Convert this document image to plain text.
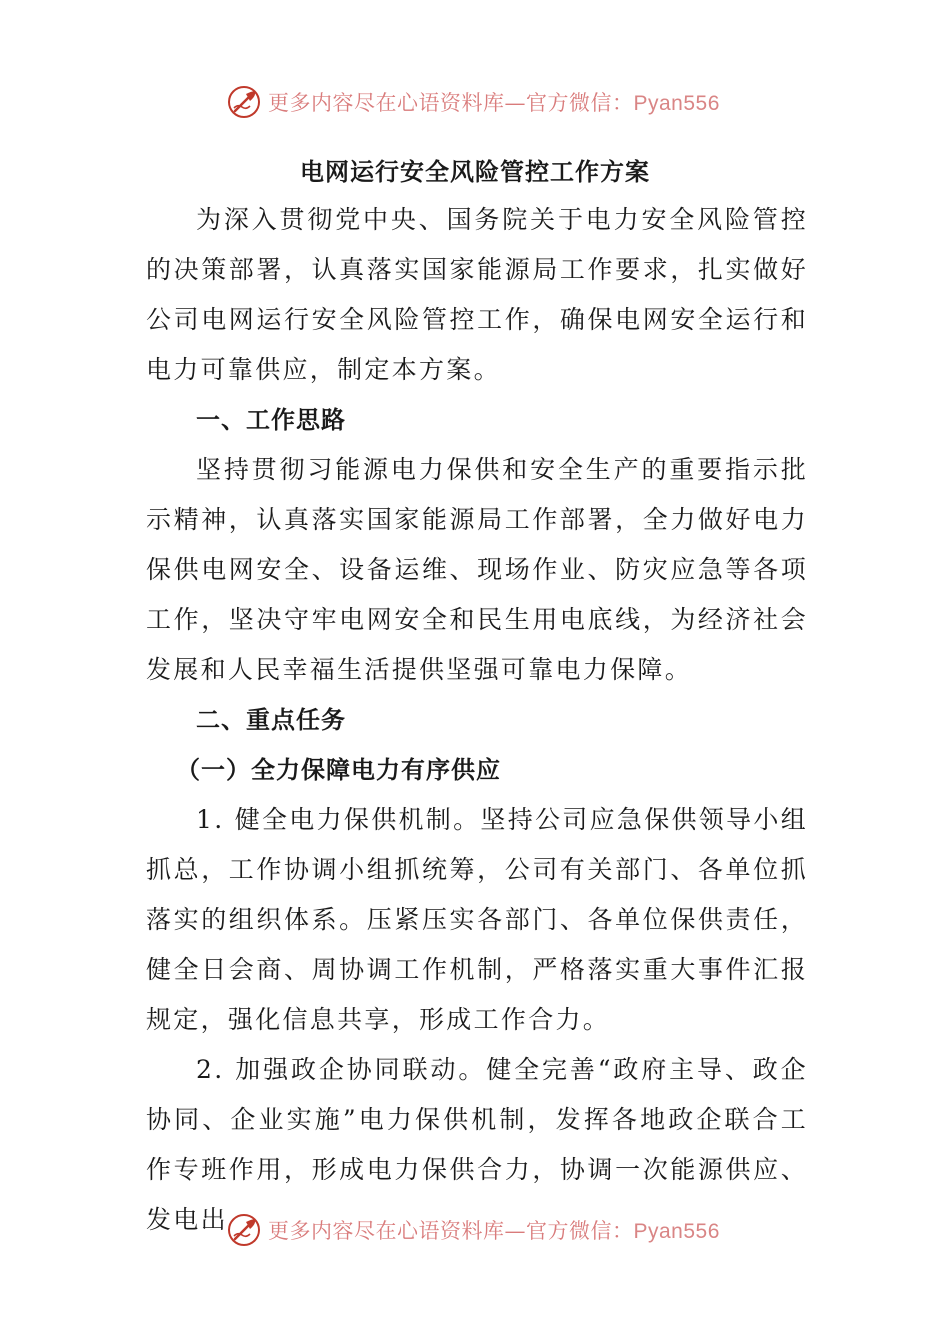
更多内容尽在心语资料库—官方微信：Pyan556
电网运行安全风险管控工作方案

为深入贯彻党中央、国务院关于电力安全风险管控的决策部署，认真落实国家能源局工作要求，扎实做好公司电网运行安全风险管控工作，确保电网安全运行和电力可靠供应，制定本方案。

一、工作思路

坚持贯彻习能源电力保供和安全生产的重要指示批示精神，认真落实国家能源局工作部署，全力做好电力保供电网安全、设备运维、现场作业、防灾应急等各项工作，坚决守牢电网安全和民生用电底线，为经济社会发展和人民幸福生活提供坚强可靠电力保障。

二、重点任务

（一）全力保障电力有序供应

1. 健全电力保供机制。坚持公司应急保供领导小组抓总，工作协调小组抓统筹，公司有关部门、各单位抓落实的组织体系。压紧压实各部门、各单位保供责任，健全日会商、周协调工作机制，严格落实重大事件汇报规定，强化信息共享，形成工作合力。

2. 加强政企协同联动。健全完善“政府主导、政企协同、企业实施”电力保供机制，发挥各地政企联合工作专班作用，形成电力保供合力，协调一次能源供应、发电出	更多内容尽在心语资料库—官方微信：Pyan556
